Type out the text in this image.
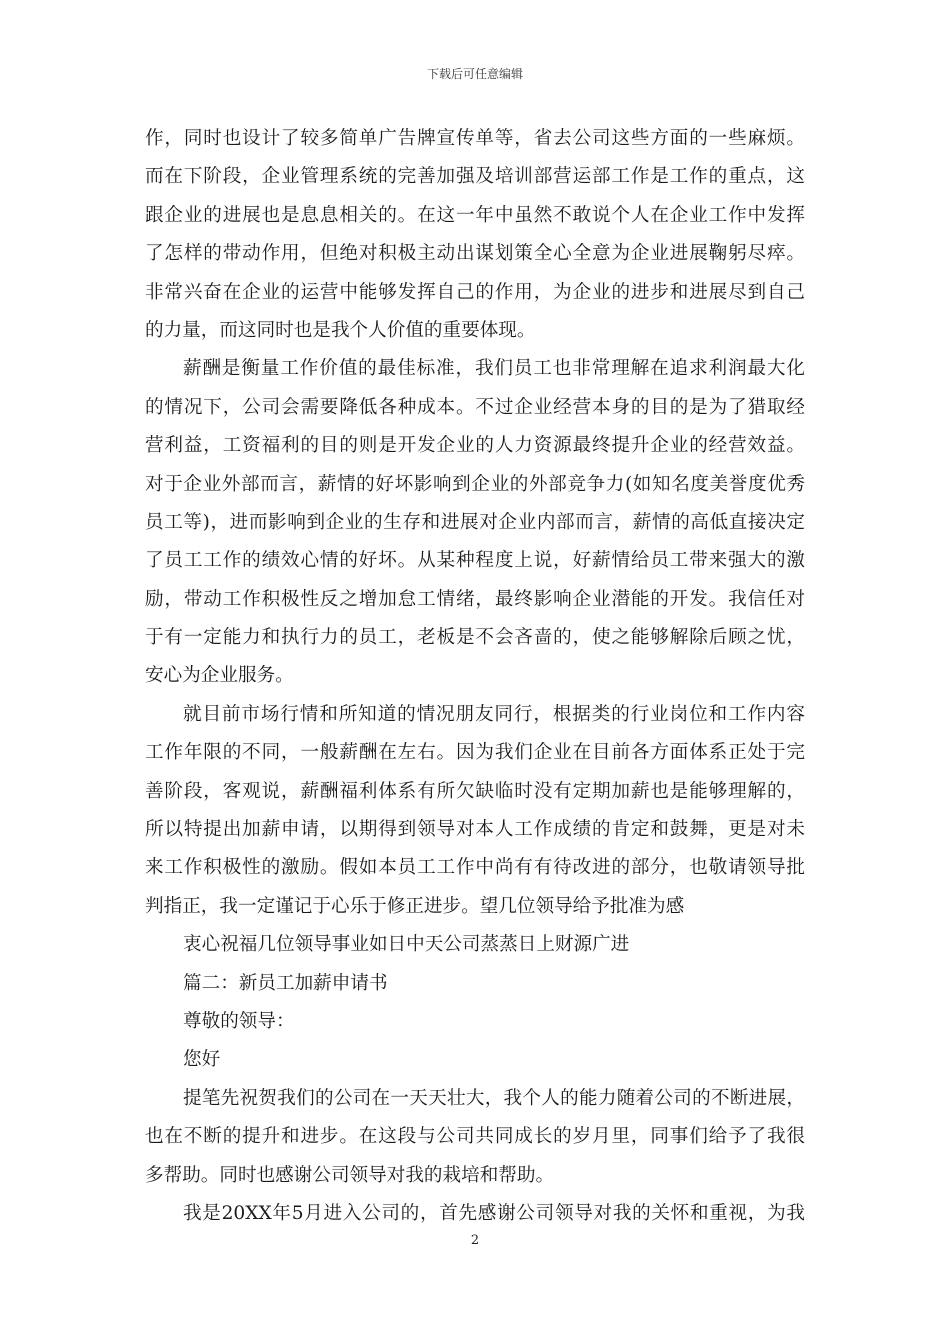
下载后可任意编辑
作，同时也设计了较多简单广告牌宣传单等，省去公司这些方面的一些麻烦。
而在下阶段，企业管理系统的完善加强及培训部营运部工作是工作的重点，这
跟企业的进展也是息息相关的。在这一年中虽然不敢说个人在企业工作中发挥
了怎样的带动作用，但绝对积极主动出谋划策全心全意为企业进展鞠躬尽瘁。
非常兴奋在企业的运营中能够发挥自己的作用，为企业的进步和进展尽到自己
的力量，而这同时也是我个人价值的重要体现。
薪酬是衡量工作价值的最佳标准，我们员工也非常理解在追求利润最大化
的情况下，公司会需要降低各种成本。不过企业经营本身的目的是为了猎取经
营利益，工资福利的目的则是开发企业的人力资源最终提升企业的经营效益。
对于企业外部而言，薪情的好坏影响到企业的外部竞争力(如知名度美誉度优秀
员工等)，进而影响到企业的生存和进展对企业内部而言，薪情的高低直接决定
了员工工作的绩效心情的好坏。从某种程度上说，好薪情给员工带来强大的激
励，带动工作积极性反之增加怠工情绪，最终影响企业潜能的开发。我信任对
于有一定能力和执行力的员工，老板是不会吝啬的，使之能够解除后顾之忧，
安心为企业服务。
就目前市场行情和所知道的情况朋友同行，根据类的行业岗位和工作内容
工作年限的不同，一般薪酬在左右。因为我们企业在目前各方面体系正处于完
善阶段，客观说，薪酬福利体系有所欠缺临时没有定期加薪也是能够理解的，
所以特提出加薪申请，以期得到领导对本人工作成绩的肯定和鼓舞，更是对未
来工作积极性的激励。假如本员工工作中尚有有待改进的部分，也敬请领导批
判指正，我一定谨记于心乐于修正进步。望几位领导给予批准为感
衷心祝福几位领导事业如日中天公司蒸蒸日上财源广进
篇二：新员工加薪申请书
尊敬的领导：
您好
提笔先祝贺我们的公司在一天天壮大，我个人的能力随着公司的不断进展，
也在不断的提升和进步。在这段与公司共同成长的岁月里，同事们给予了我很
多帮助。同时也感谢公司领导对我的栽培和帮助。
我是20XX年5月进入公司的，首先感谢公司领导对我的关怀和重视，为我
2
